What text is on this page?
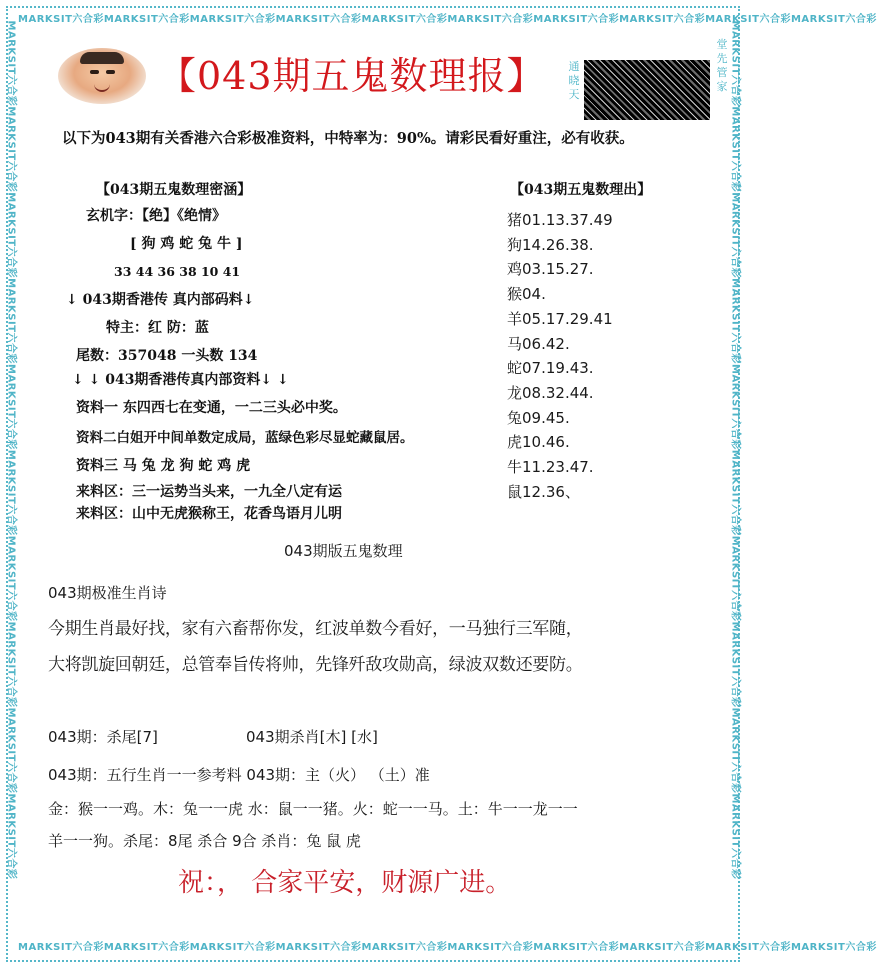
MARKSIT六合彩MARKSIT六合彩MARKSIT六合彩MARKSIT六合彩MARKSIT六合彩MARKSIT六合彩MARKSIT六合彩MARKSIT六合彩MARKSIT六合彩MARKSIT六合彩
MARKSIT六合彩MARKSIT六合彩MARKSIT六合彩MARKSIT六合彩MARKSIT六合彩MARKSIT六合彩MARKSIT六合彩MARKSIT六合彩MARKSIT六合彩MARKSIT六合彩
MARKSIT六合彩MARKSIT六合彩MARKSIT六合彩MARKSIT六合彩MARKSIT六合彩MARKSIT六合彩MARKSIT六合彩MARKSIT六合彩MARKSIT六合彩MARKSIT六合彩	MARKSIT六合彩MARKSIT六合彩MARKSIT六合彩MARKSIT六合彩MARKSIT六合彩MARKSIT六合彩MARKSIT六合彩MARKSIT六合彩MARKSIT六合彩MARKSIT六合彩
【043期五鬼数理报】 通晓天
堂先管家

以下为043期有关香港六合彩极准资料，中特率为：90%。请彩民看好重注，必有收获。

【043期五鬼数理密涵】
玄机字：【绝】《绝情》
[ 狗 鸡 蛇 兔 牛 ]
33 44 36 38 10 41
↓ 043期香港传 真内部码料↓
特主：红 防：蓝
尾数：357048 一头数 134
↓ ↓ 043期香港传真内部资料↓ ↓
资料一 东四西七在变通，一二三头必中奖。
资料二白姐开中间单数定成局，蓝绿色彩尽显蛇藏鼠居。
资料三 马 兔 龙 狗 蛇 鸡 虎
来料区：三一运势当头来，一九全八定有运
来料区：山中无虎猴称王，花香鸟语月儿明
【043期五鬼数理出】
猪01.13.37.49
狗14.26.38.
鸡03.15.27.
猴04.
羊05.17.29.41
马06.42.
蛇07.19.43.
龙08.32.44.
兔09.45.
虎10.46.
牛11.23.47.
鼠12.36、
043期版五鬼数理
043期极准生肖诗
今期生肖最好找，家有六畜帮你发，红波单数今看好，一马独行三军随，
大将凯旋回朝廷，总管奉旨传将帅，先锋歼敌攻勋高，绿波双数还要防。
043期：杀尾[7]	043期杀肖[木] [水]
043期：五行生肖一一参考料 043期：主（火） （土）准
金：猴一一鸡。木：兔一一虎 水：鼠一一猪。火：蛇一一马。土：牛一一龙一一
羊一一狗。杀尾：8尾 杀合 9合 杀肖：兔 鼠 虎
祝：， 合家平安，财源广进。
